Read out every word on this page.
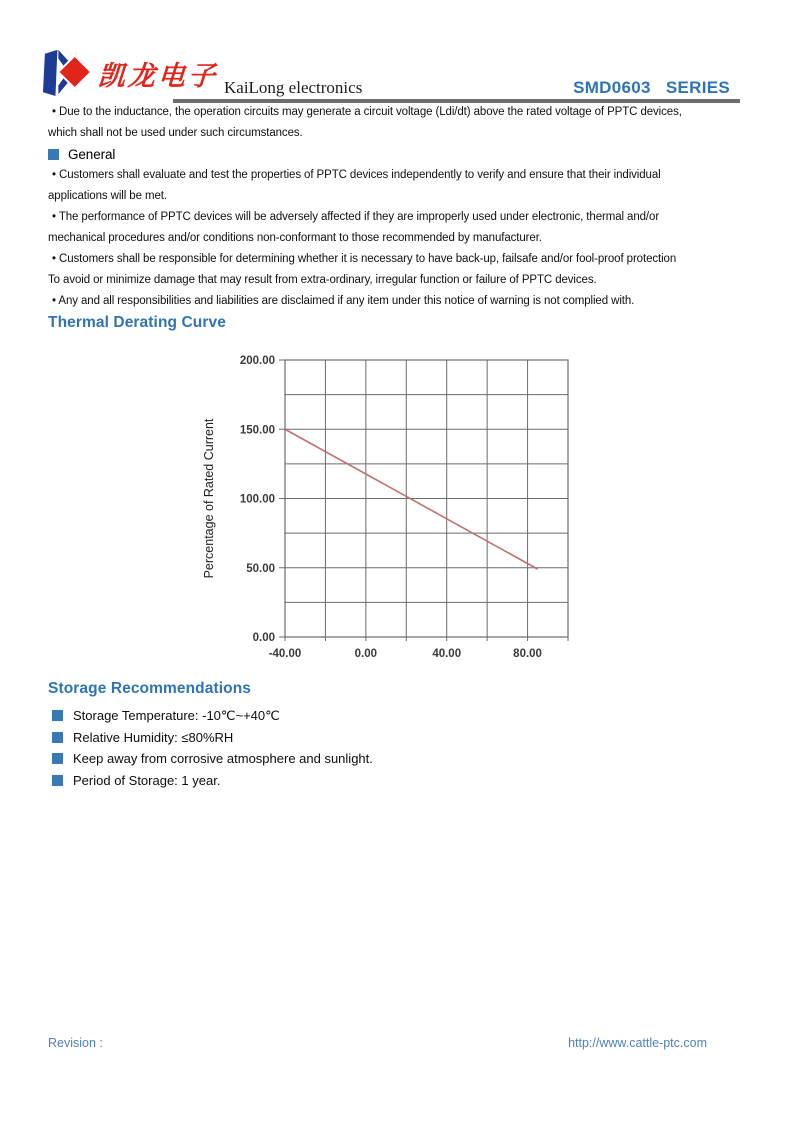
凯龙电子 KaiLong electronics	SMD0603   SERIES
• Due to the inductance, the operation circuits may generate a circuit voltage (Ldi/dt) above the rated voltage of PPTC devices,
which shall not be used under such circumstances.
General
• Customers shall evaluate and test the properties of PPTC devices independently to verify and ensure that their individual
applications will be met.
• The performance of PPTC devices will be adversely affected if they are improperly used under electronic, thermal and/or
mechanical procedures and/or conditions non-conformant to those recommended by manufacturer.
• Customers shall be responsible for determining whether it is necessary to have back-up, failsafe and/or fool-proof protection
To avoid or minimize damage that may result from extra-ordinary, irregular function or failure of PPTC devices.
• Any and all responsibilities and liabilities are disclaimed if any item under this notice of warning is not complied with.
Thermal Derating Curve
200.00
150.00
100.00
50.00
0.00
-40.00	0.00	40.00	80.00
Percentage of Rated Current
Storage Recommendations
Storage Temperature: -10℃~+40℃
Relative Humidity: ≤80%RH
Keep away from corrosive atmosphere and sunlight.
Period of Storage: 1 year.
Revision :	http://www.cattle-ptc.com
